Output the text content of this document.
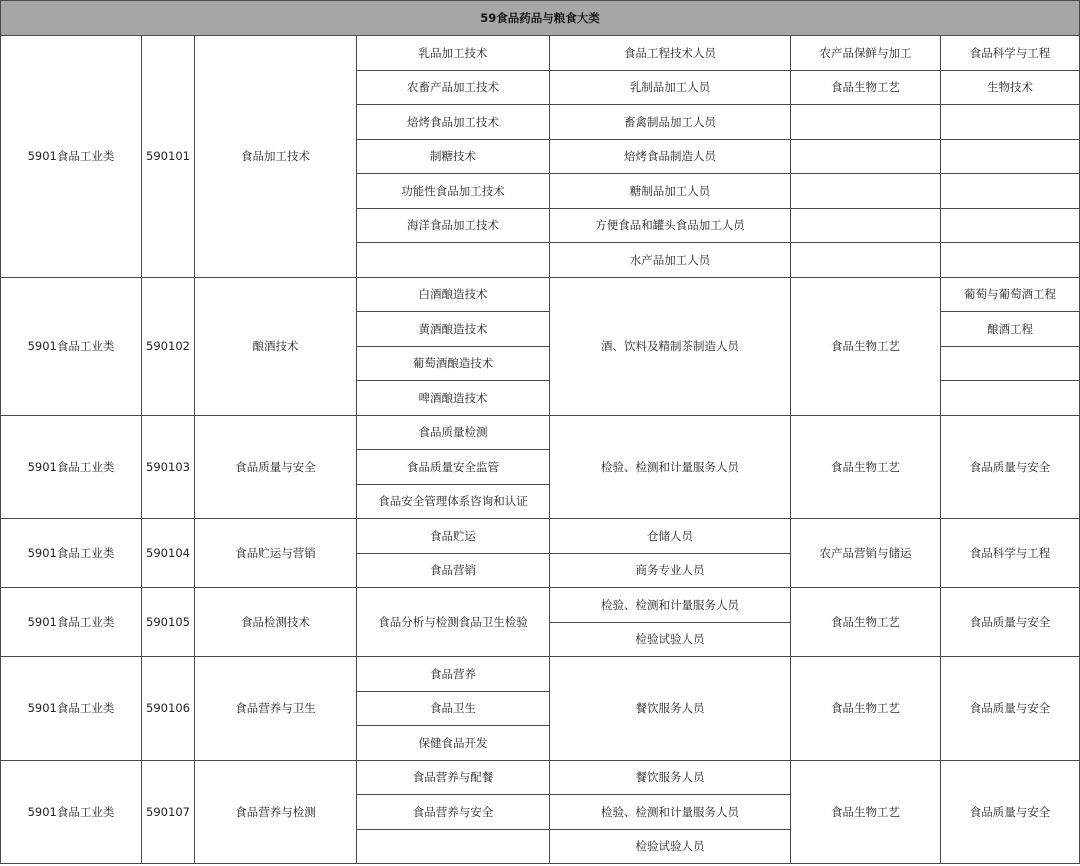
59食品药品与粮食大类						
5901食品工业类	590101	食品加工技术	乳品加工技术	食品工程技术人员	农产品保鲜与加工	食品科学与工程
			农畜产品加工技术	乳制品加工人员	食品生物工艺	生物技术
			焙烤食品加工技术	畜禽制品加工人员		
			制糖技术	焙烤食品制造人员		
			功能性食品加工技术	糖制品加工人员		
			海洋食品加工技术	方便食品和罐头食品加工人员		
				水产品加工人员		
5901食品工业类	590102	酿酒技术	白酒酿造技术	酒、饮料及精制茶制造人员	食品生物工艺	葡萄与葡萄酒工程
			黄酒酿造技术			酿酒工程
			葡萄酒酿造技术			
			啤酒酿造技术			
5901食品工业类	590103	食品质量与安全	食品质量检测	检验、检测和计量服务人员	食品生物工艺	食品质量与安全
			食品质量安全监管			
			食品安全管理体系咨询和认证			
5901食品工业类	590104	食品贮运与营销	食品贮运	仓储人员	农产品营销与储运	食品科学与工程
			食品营销	商务专业人员		
5901食品工业类	590105	食品检测技术	食品分析与检测食品卫生检验	检验、检测和计量服务人员	食品生物工艺	食品质量与安全
				检验试验人员		
5901食品工业类	590106	食品营养与卫生	食品营养	餐饮服务人员	食品生物工艺	食品质量与安全
			食品卫生			
			保健食品开发			
5901食品工业类	590107	食品营养与检测	食品营养与配餐	餐饮服务人员	食品生物工艺	食品质量与安全
			食品营养与安全	检验、检测和计量服务人员		
				检验试验人员		
